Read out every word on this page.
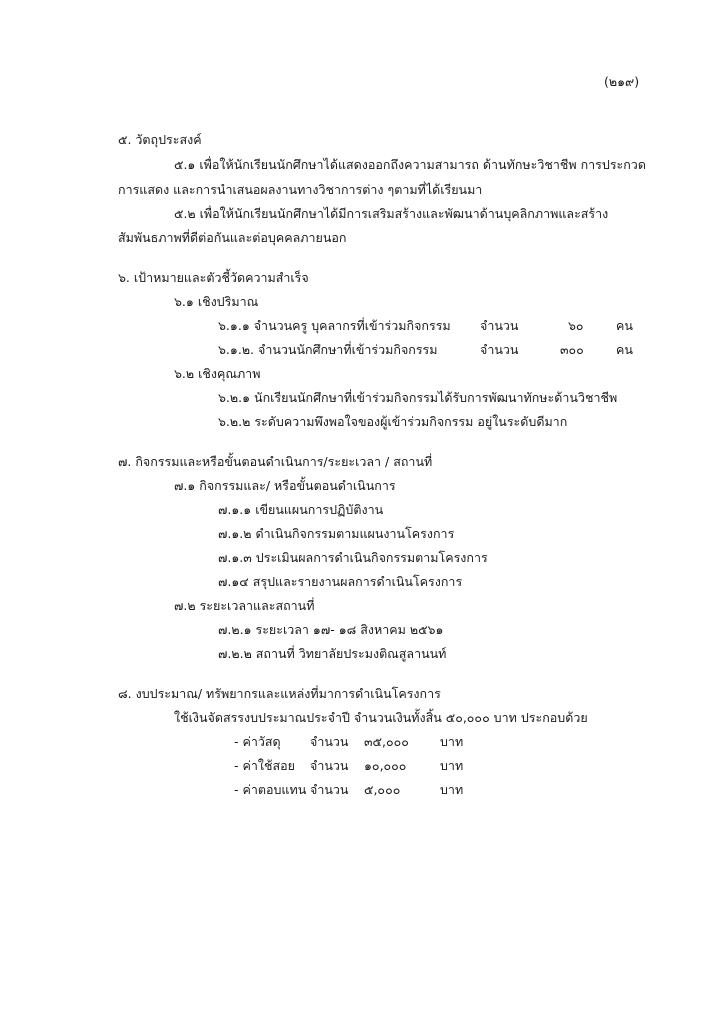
(๒๑๙)
๕. วัตถุประสงค์
๕.๑ เพื่อให้นักเรียนนักศึกษาได้แสดงออกถึงความสามารถ ด้านทักษะวิชาชีพ การประกวด
การแสดง และการนำเสนอผลงานทางวิชาการต่าง ๆตามที่ได้เรียนมา
๕.๒ เพื่อให้นักเรียนนักศึกษาได้มีการเสริมสร้างและพัฒนาด้านบุคลิกภาพและสร้าง
สัมพันธภาพที่ดีต่อกันและต่อบุคคลภายนอก
๖. เป้าหมายและตัวชี้วัดความสำเร็จ
๖.๑ เชิงปริมาณ
๖.๑.๑ จำนวนครู บุคลากรที่เข้าร่วมกิจกรรม จำนวน	๖๐	คน
๖.๑.๒. จำนวนนักศึกษาที่เข้าร่วมกิจกรรม	จำนวน	๓๐๐	คน
๖.๒ เชิงคุณภาพ
๖.๒.๑ นักเรียนนักศึกษาที่เข้าร่วมกิจกรรมได้รับการพัฒนาทักษะด้านวิชาชีพ
๖.๒.๒ ระดับความพึงพอใจของผู้เข้าร่วมกิจกรรม อยู่ในระดับดีมาก
๗. กิจกรรมและหรือขั้นตอนดำเนินการ/ระยะเวลา / สถานที่
๗.๑ กิจกรรมและ/ หรือขั้นตอนดำเนินการ
๗.๑.๑ เขียนแผนการปฏิบัติงาน
๗.๑.๒ ดำเนินกิจกรรมตามแผนงานโครงการ
๗.๑.๓ ประเมินผลการดำเนินกิจกรรมตามโครงการ
๗.๑๔ สรุปและรายงานผลการดำเนินโครงการ
๗.๒ ระยะเวลาและสถานที่
๗.๒.๑ ระยะเวลา ๑๗- ๑๘ สิงหาคม ๒๕๖๑
๗.๒.๒ สถานที่ วิทยาลัยประมงติณสูลานนท์
๘. งบประมาณ/ ทรัพยากรและแหล่งที่มาการดำเนินโครงการ
ใช้เงินจัดสรรงบประมาณประจำปี จำนวนเงินทั้งสิ้น ๕๐,๐๐๐ บาท ประกอบด้วย
- ค่าวัสดุ จำนวน ๓๕,๐๐๐ บาท
- ค่าใช้สอย จำนวน ๑๐,๐๐๐	บาท
- ค่าตอบแทน จำนวน ๕,๐๐๐	บาท
